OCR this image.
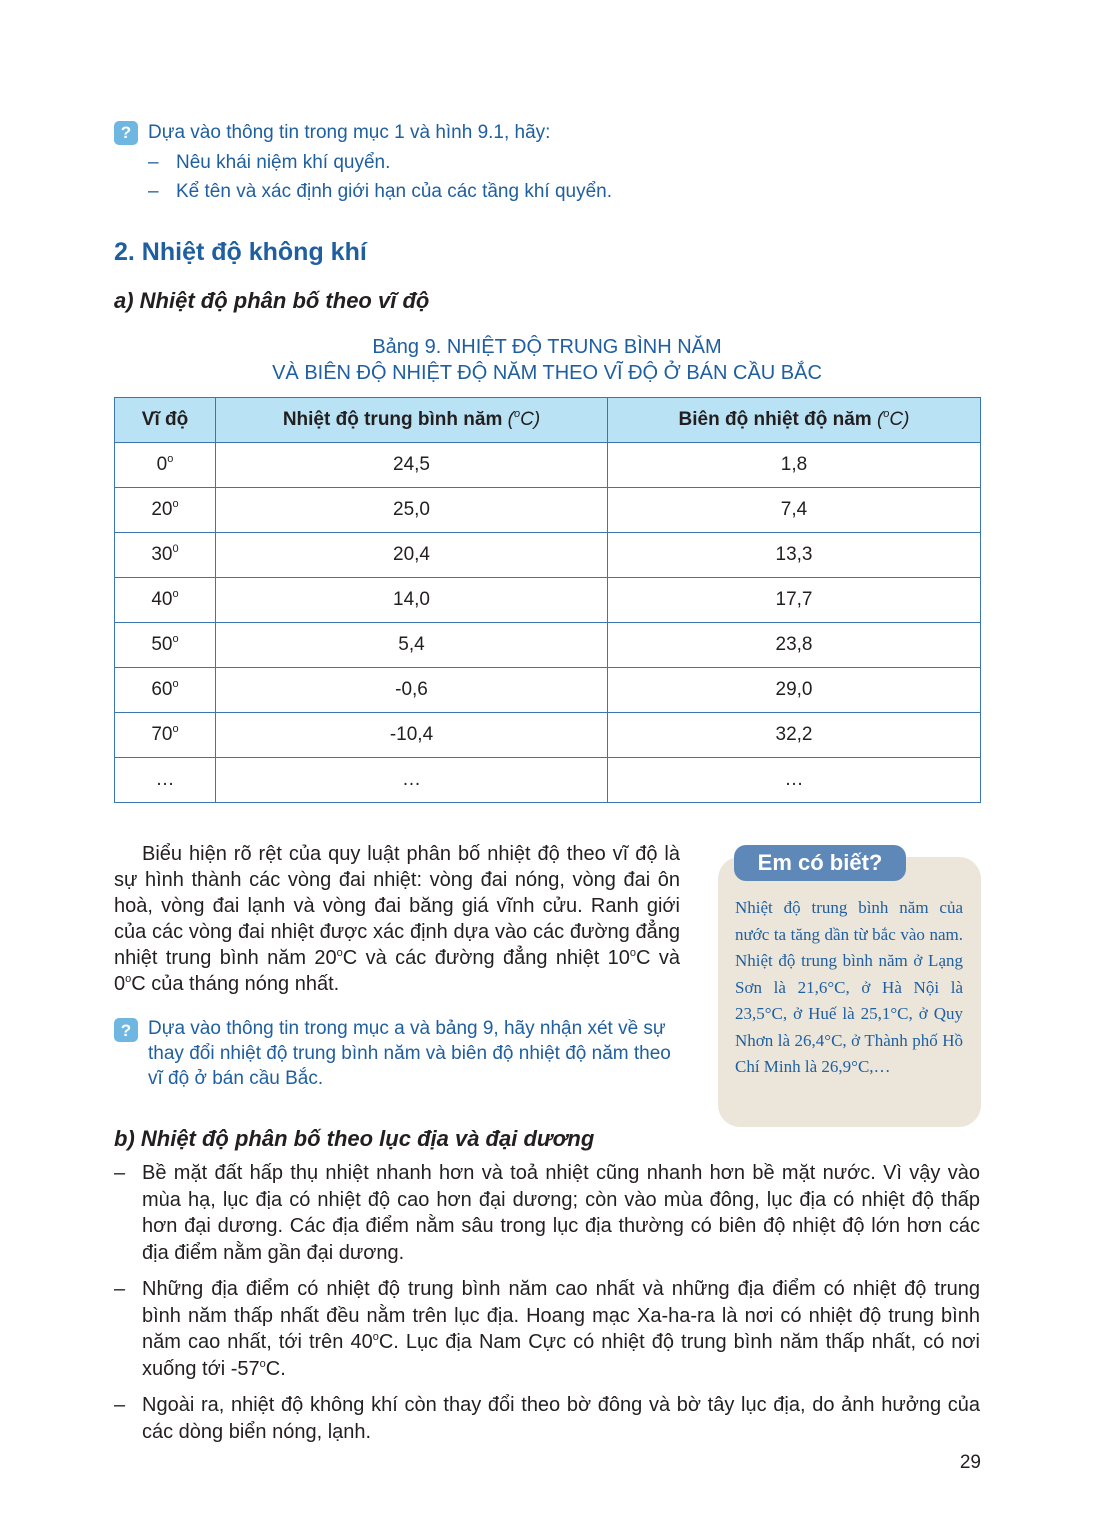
? Dựa vào thông tin trong mục 1 và hình 9.1, hãy:
– Nêu khái niệm khí quyển.
– Kể tên và xác định giới hạn của các tầng khí quyển.
2. Nhiệt độ không khí
a) Nhiệt độ phân bố theo vĩ độ
Bảng 9. NHIỆT ĐỘ TRUNG BÌNH NĂM
VÀ BIÊN ĐỘ NHIỆT ĐỘ NĂM THEO VĨ ĐỘ Ở BÁN CẦU BẮC
Vĩ độ	Nhiệt độ trung bình năm ($^o$C)	Biên độ nhiệt độ năm ($^o$C)
0$^o$	24,5	1,8
20$^o$	25,0	7,4
$30^0$	20,4	13,3
40$^o$	14,0	17,7
50$^o$	5,4	23,8
60$^o$	-0,6	29,0
70$^o$	-10,4	32,2
…	…	…
Biểu hiện rõ rệt của quy luật phân bố nhiệt độ theo vĩ độ là sự hình thành các vòng đai nhiệt: vòng đai nóng, vòng đai ôn hoà, vòng đai lạnh và vòng đai băng giá vĩnh cửu. Ranh giới của các vòng đai nhiệt được xác định dựa vào các đường đẳng nhiệt trung bình năm 20$^o$C và các đường đẳng nhiệt 10$^o$C và 0$^o$C của tháng nóng nhất.
? Dựa vào thông tin trong mục a và bảng 9, hãy nhận xét về sự thay đổi nhiệt độ trung bình năm và biên độ nhiệt độ năm theo vĩ độ ở bán cầu Bắc.
Em có biết?
Nhiệt độ trung bình năm của nước ta tăng dần từ bắc vào nam. Nhiệt độ trung bình năm ở Lạng Sơn là 21,6°C, ở Hà Nội là 23,5°C, ở Huế là 25,1°C, ở Quy Nhơn là 26,4°C, ở Thành phố Hồ Chí Minh là 26,9°C,…
b) Nhiệt độ phân bố theo lục địa và đại dương
– Bề mặt đất hấp thụ nhiệt nhanh hơn và toả nhiệt cũng nhanh hơn bề mặt nước. Vì vậy vào mùa hạ, lục địa có nhiệt độ cao hơn đại dương; còn vào mùa đông, lục địa có nhiệt độ thấp hơn đại dương. Các địa điểm nằm sâu trong lục địa thường có biên độ nhiệt độ lớn hơn các địa điểm nằm gần đại dương.
– Những địa điểm có nhiệt độ trung bình năm cao nhất và những địa điểm có nhiệt độ trung bình năm thấp nhất đều nằm trên lục địa. Hoang mạc Xa-ha-ra là nơi có nhiệt độ trung bình năm cao nhất, tới trên 40$^o$C. Lục địa Nam Cực có nhiệt độ trung bình năm thấp nhất, có nơi xuống tới -57$^o$C.
– Ngoài ra, nhiệt độ không khí còn thay đổi theo bờ đông và bờ tây lục địa, do ảnh hưởng của các dòng biển nóng, lạnh.
29
